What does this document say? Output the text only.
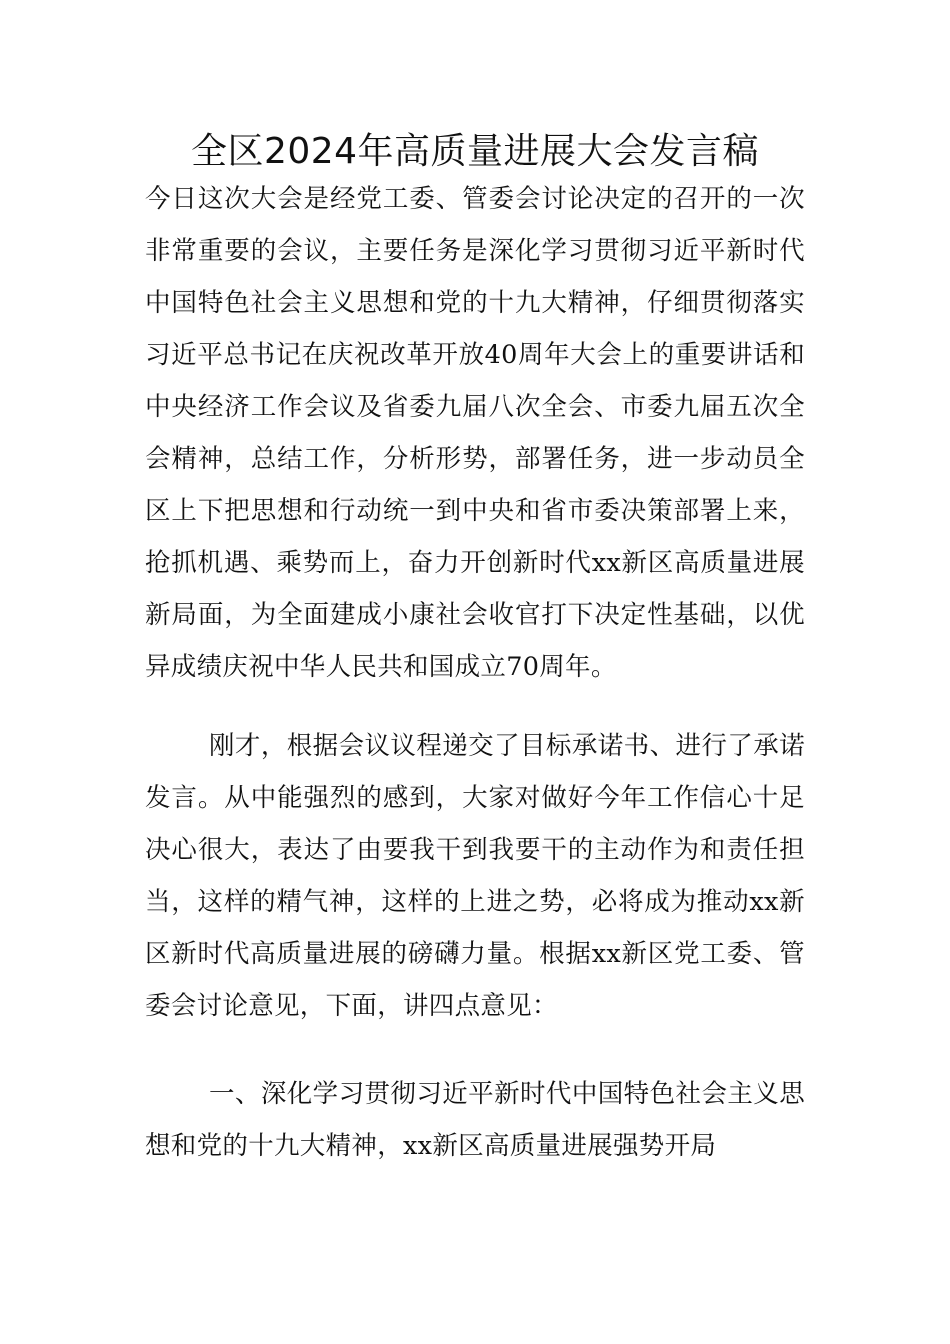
全区2024年高质量进展大会发言稿

今日这次大会是经党工委、管委会讨论决定的召开的一次非常重要的会议，主要任务是深化学习贯彻习近平新时代中国特色社会主义思想和党的十九大精神，仔细贯彻落实习近平总书记在庆祝改革开放40周年大会上的重要讲话和中央经济工作会议及省委九届八次全会、市委九届五次全会精神，总结工作，分析形势，部署任务，进一步动员全区上下把思想和行动统一到中央和省市委决策部署上来，抢抓机遇、乘势而上，奋力开创新时代xx新区高质量进展新局面，为全面建成小康社会收官打下决定性基础，以优异成绩庆祝中华人民共和国成立70周年。

刚才，根据会议议程递交了目标承诺书、进行了承诺发言。从中能强烈的感到，大家对做好今年工作信心十足决心很大，表达了由要我干到我要干的主动作为和责任担当，这样的精气神，这样的上进之势，必将成为推动xx新区新时代高质量进展的磅礴力量。根据xx新区党工委、管委会讨论意见，下面，讲四点意见：

一、深化学习贯彻习近平新时代中国特色社会主义思想和党的十九大精神，xx新区高质量进展强势开局
